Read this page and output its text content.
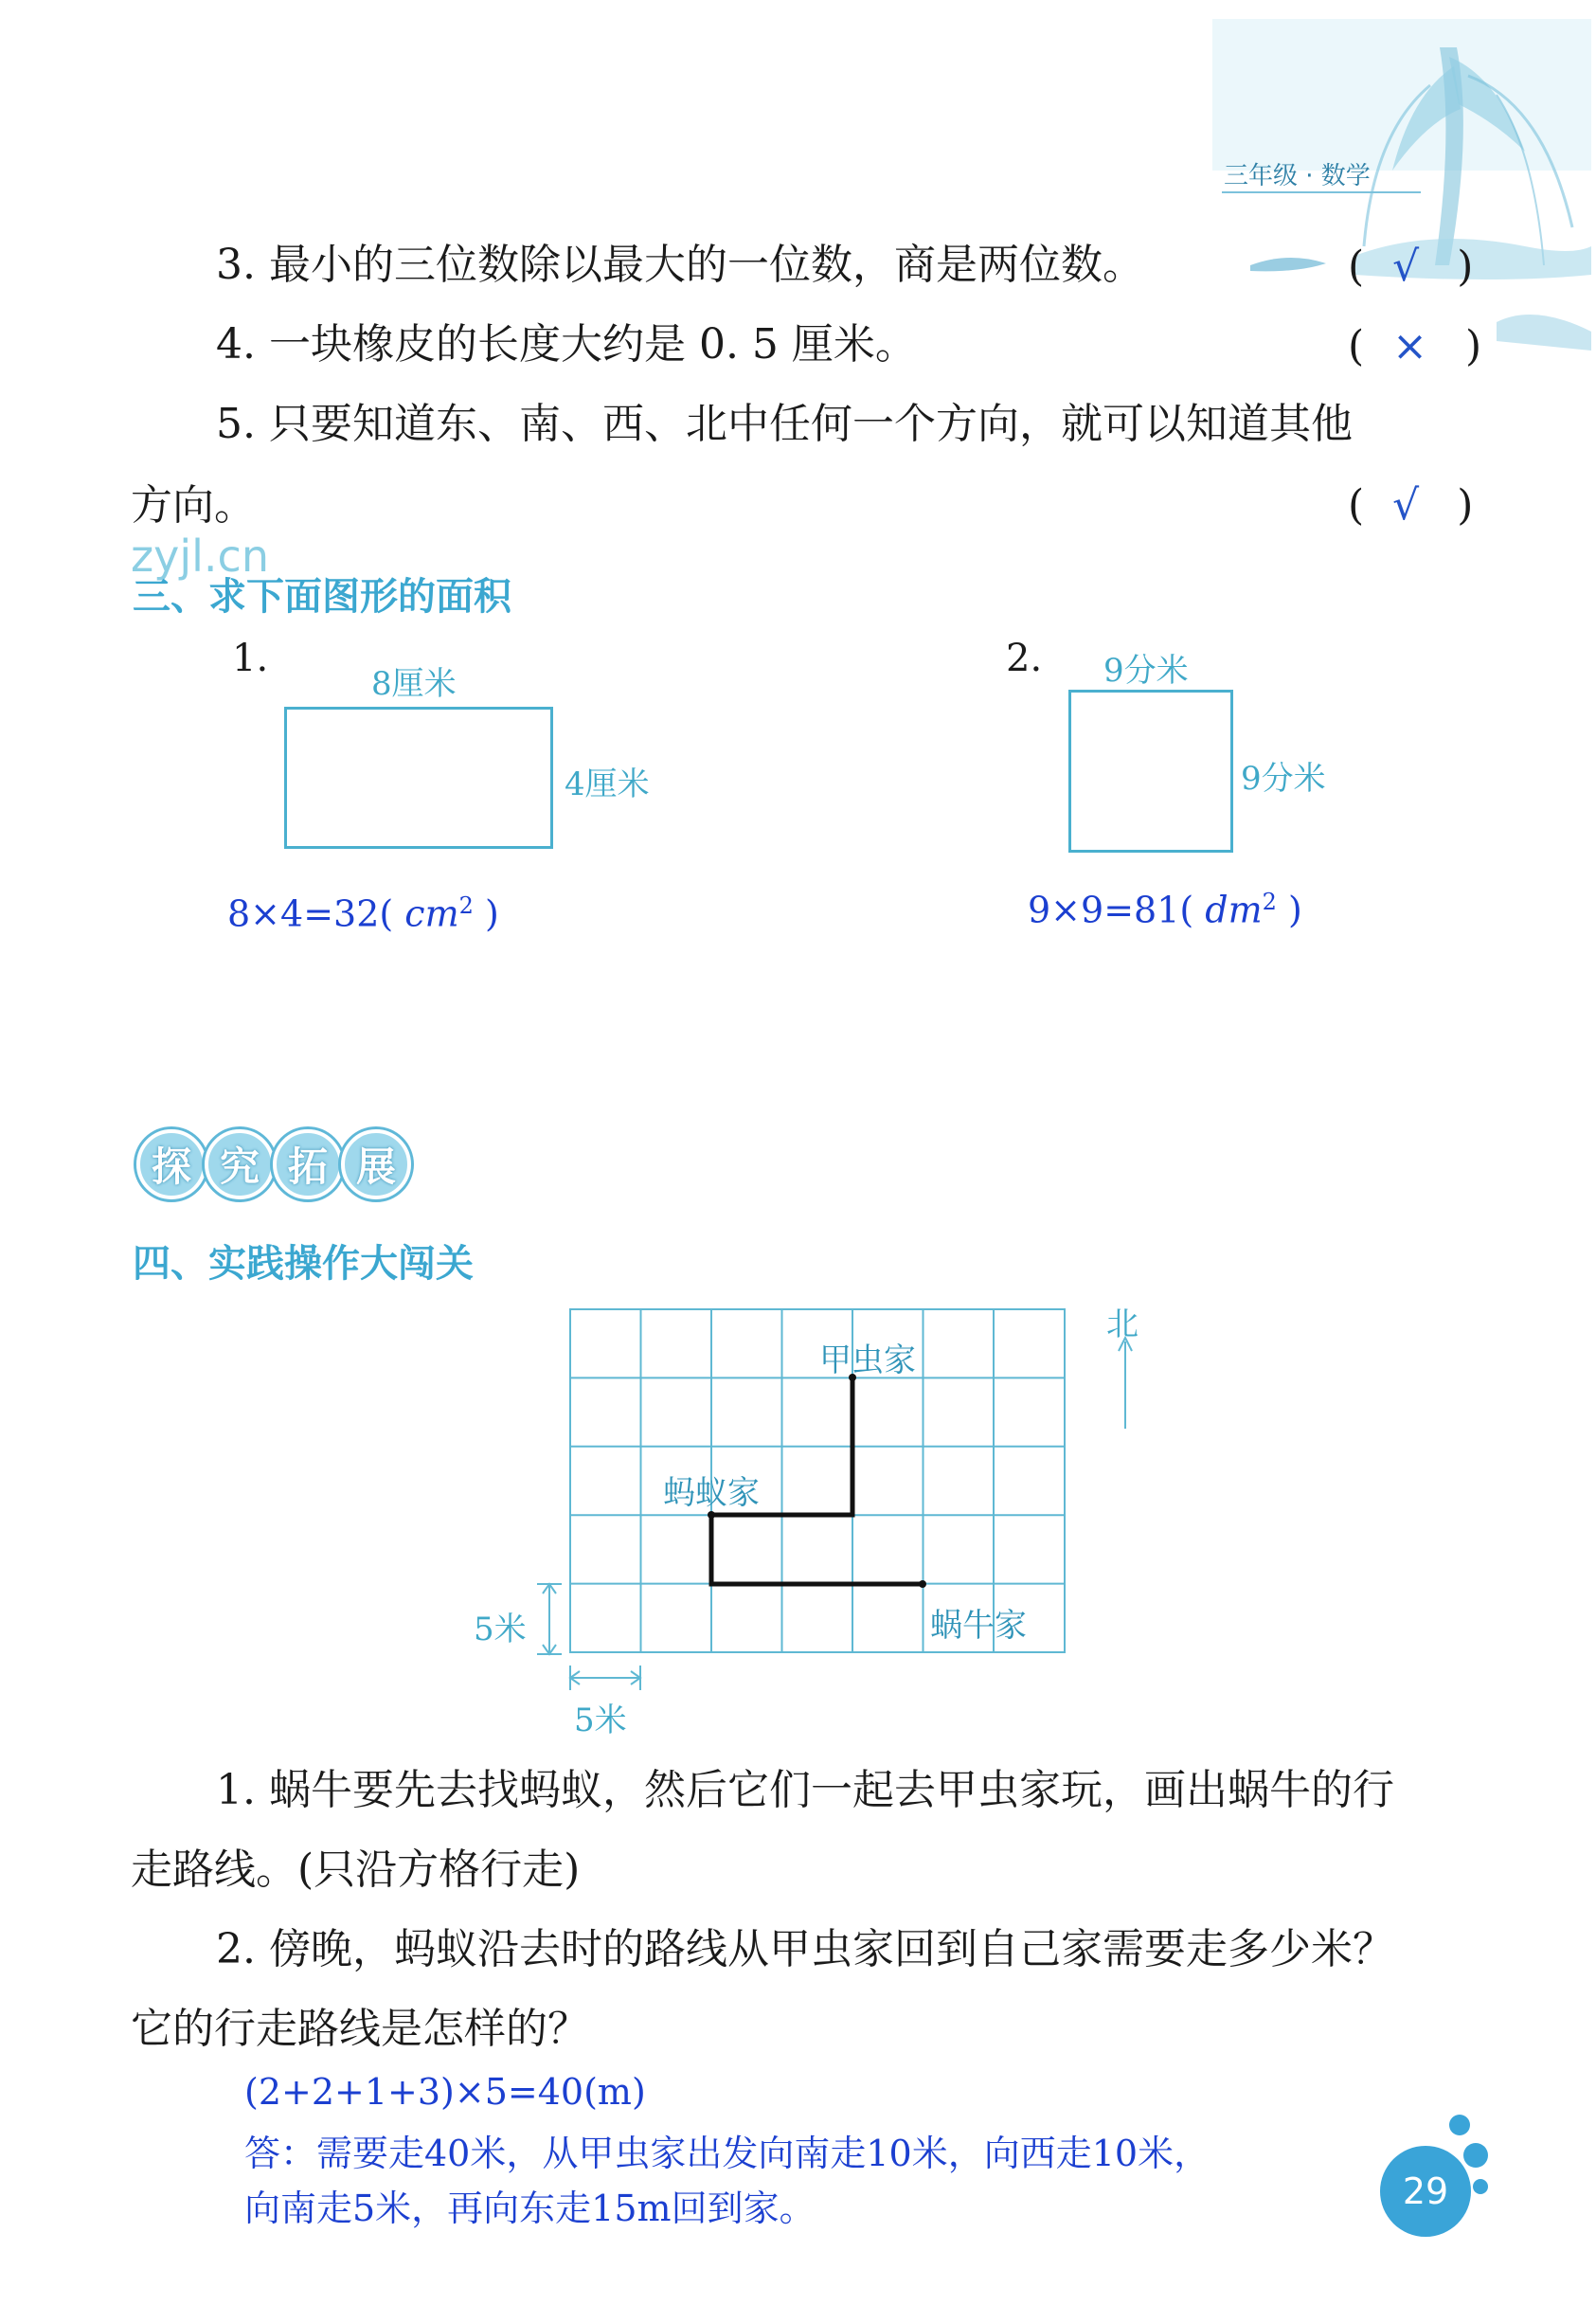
三年级 · 数学
3. 最小的三位数除以最大的一位数，商是两位数。	( √ )
4. 一块橡皮的长度大约是 0. 5 厘米。	( × )
5. 只要知道东、南、西、北中任何一个方向，就可以知道其他
方向。	( √ )
zyjl.cn
三、求下面图形的面积
1.
8厘米
4厘米
8×4=32( $cm^2$ )
2. 9分米
9分米
9×9=81( $dm^2$ )
探 究 拓 展
四、实践操作大闯关
5米
5米
北
甲虫家
蚂蚁家
蜗牛家
1. 蜗牛要先去找蚂蚁，然后它们一起去甲虫家玩，画出蜗牛的行
走路线。(只沿方格行走)
2. 傍晚，蚂蚁沿去时的路线从甲虫家回到自己家需要走多少米？
它的行走路线是怎样的？
(2+2+1+3)×5=40(m)
答：需要走40米，从甲虫家出发向南走10米，向西走10米，
向南走5米，再向东走15m回到家。	29
